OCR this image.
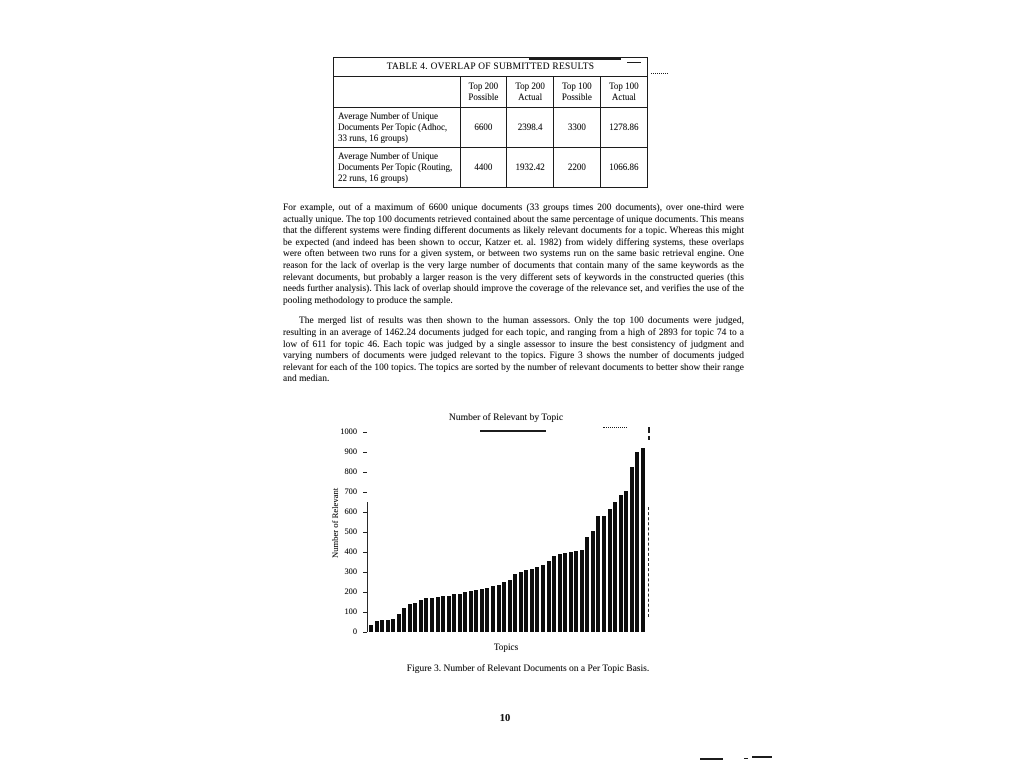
TABLE 4. OVERLAP OF SUBMITTED RESULTS
	Top 200 Possible	Top 200 Actual	Top 100 Possible	Top 100 Actual
Average Number of Unique Documents Per Topic (Adhoc, 33 runs, 16 groups)	6600	2398.4	3300	1278.86
Average Number of Unique Documents Per Topic (Routing, 22 runs, 16 groups)	4400	1932.42	2200	1066.86

For example, out of a maximum of 6600 unique documents (33 groups times 200 documents), over one-third were actually unique. The top 100 documents retrieved contained about the same percentage of unique documents. This means that the different systems were finding different documents as likely relevant documents for a topic. Whereas this might be expected (and indeed has been shown to occur, Katzer et. al. 1982) from widely differing systems, these overlaps were often between two runs for a given system, or between two systems run on the same basic retrieval engine. One reason for the lack of overlap is the very large number of documents that contain many of the same keywords as the relevant documents, but probably a larger reason is the very different sets of keywords in the constructed queries (this needs further analysis). This lack of overlap should improve the coverage of the relevance set, and verifies the use of the pooling methodology to produce the sample.

The merged list of results was then shown to the human assessors. Only the top 100 documents were judged, resulting in an average of 1462.24 documents judged for each topic, and ranging from a high of 2893 for topic 74 to a low of 611 for topic 46. Each topic was judged by a single assessor to insure the best consistency of judgment and varying numbers of documents were judged relevant to the topics. Figure 3 shows the number of documents judged relevant for each of the 100 topics. The topics are sorted by the number of relevant documents to better show their range and median.

Number of Relevant by Topic
0
100
200
300
400
500
600
700
800
900
1000
Number of Relevant
Topics
Figure 3. Number of Relevant Documents on a Per Topic Basis.
10
